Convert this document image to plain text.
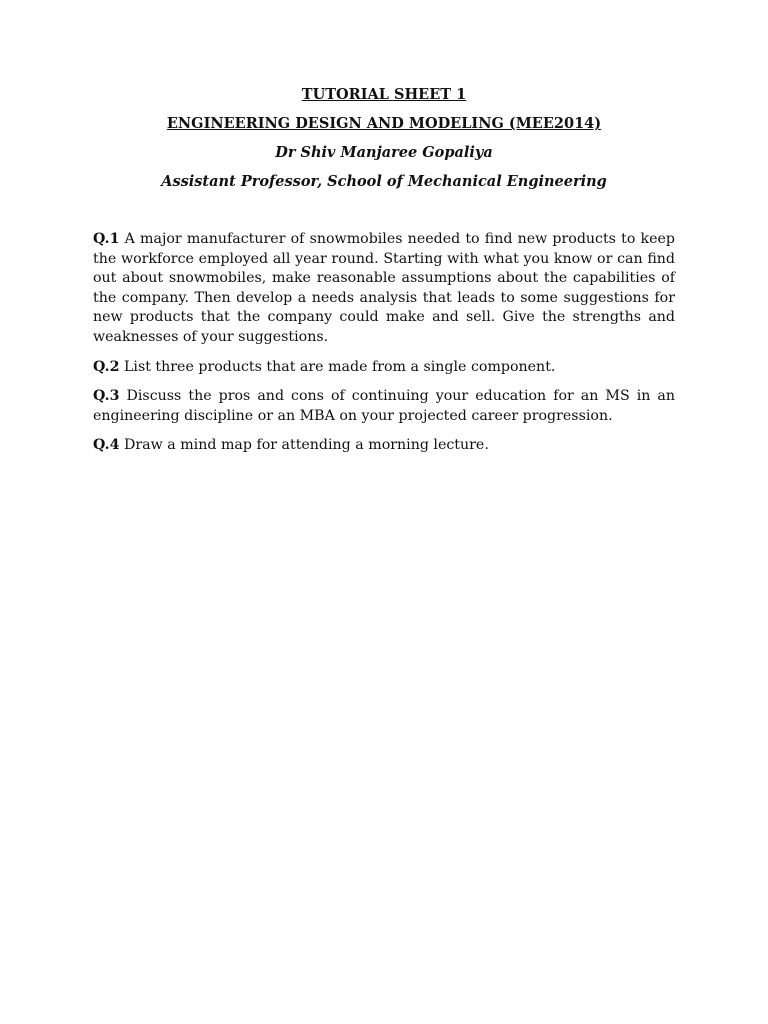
TUTORIAL SHEET 1
ENGINEERING DESIGN AND MODELING (MEE2014)
Dr Shiv Manjaree Gopaliya
Assistant Professor, School of Mechanical Engineering

Q.1 A major manufacturer of snowmobiles needed to find new products to keep the workforce employed all year round. Starting with what you know or can find out about snowmobiles, make reasonable assumptions about the capabilities of the company. Then develop a needs analysis that leads to some suggestions for new products that the company could make and sell. Give the strengths and weaknesses of your suggestions.

Q.2 List three products that are made from a single component.

Q.3 Discuss the pros and cons of continuing your education for an MS in an engineering discipline or an MBA on your projected career progression.

Q.4 Draw a mind map for attending a morning lecture.
